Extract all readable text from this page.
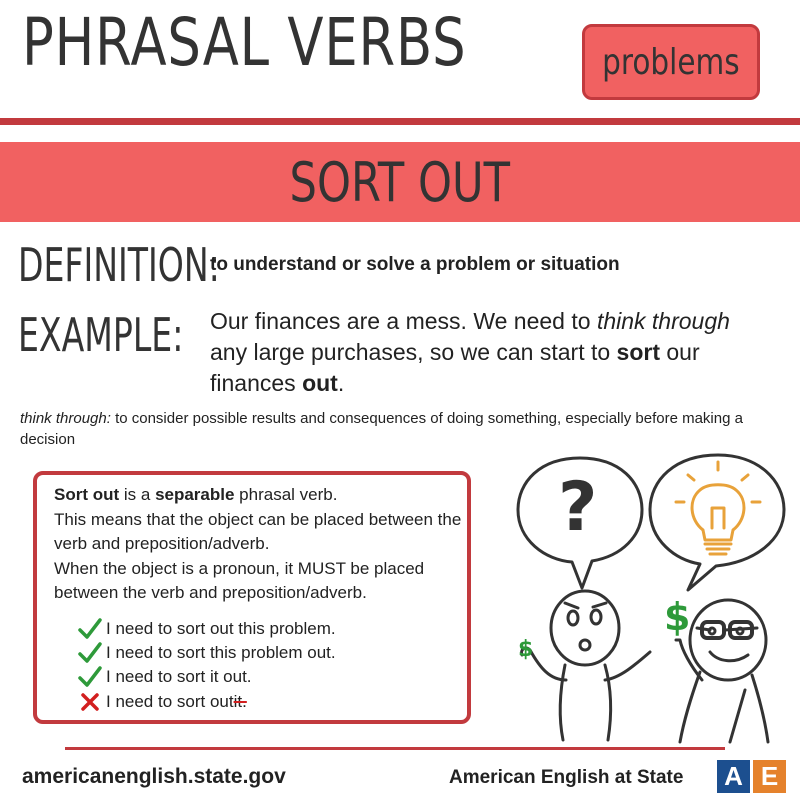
PHRASAL VERBS	problems
SORT OUT
DEFINITION:
to understand or solve a problem or situation
EXAMPLE: Our finances are a mess. We need to think through any large purchases, so we can start to sort our finances out.
think through: to consider possible results and consequences of doing something, especially before making a decision
Sort out is a separable phrasal verb.
This means that the object can be placed between the verb and preposition/adverb.
When the object is a pronoun, it MUST be placed between the verb and preposition/adverb.
I need to sort out this problem.
I need to sort this problem out.
I need to sort it out.
I need to sort out it.
?
$
$
americanenglish.state.gov	American English at State A E
